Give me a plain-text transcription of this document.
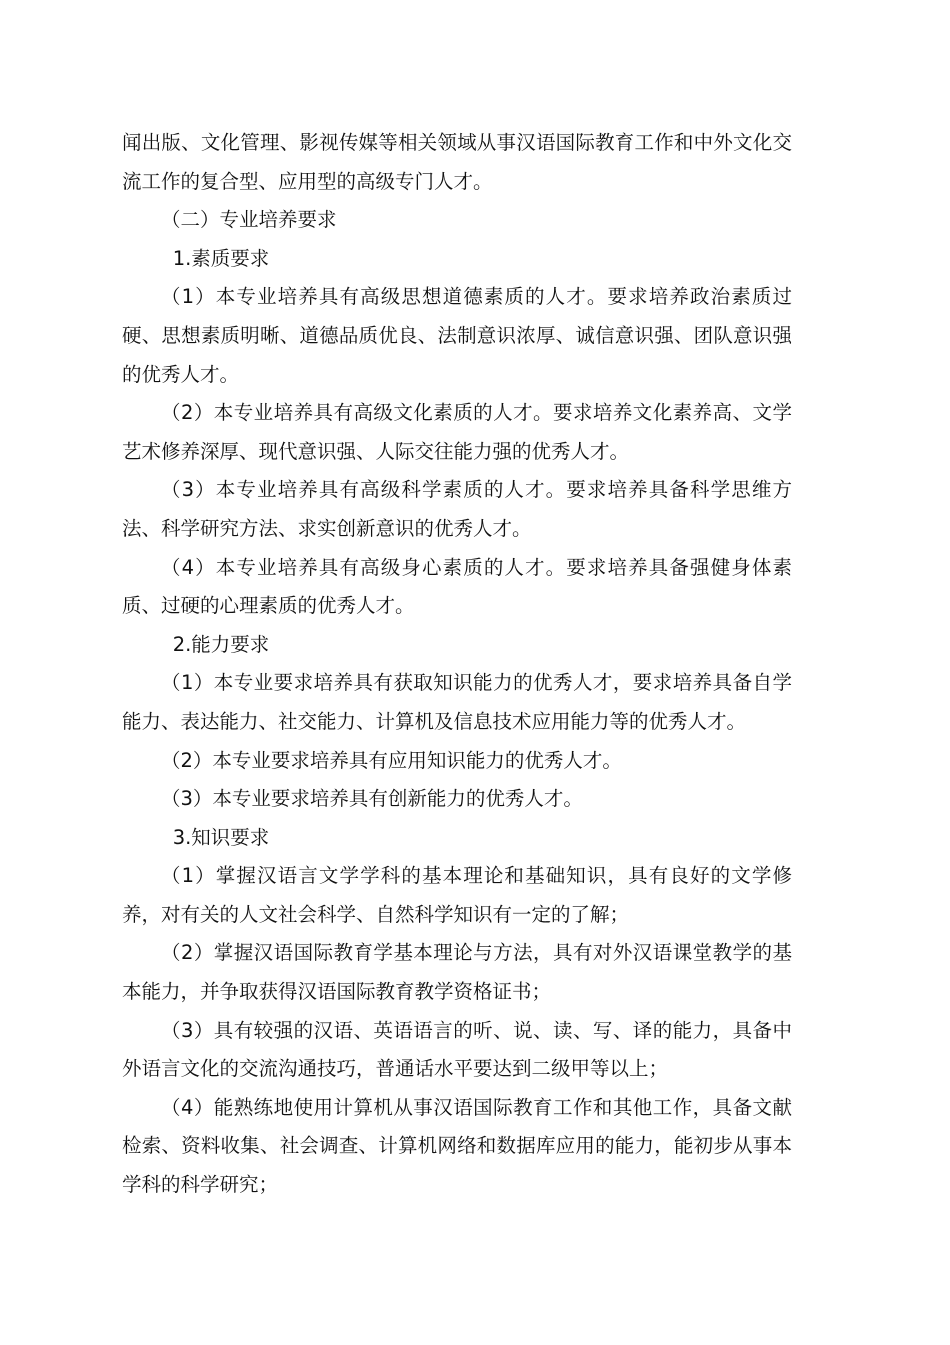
闻出版、文化管理、影视传媒等相关领域从事汉语国际教育工作和中外文化交流工作的复合型、应用型的高级专门人才。

（二）专业培养要求

1.素质要求

（1）本专业培养具有高级思想道德素质的人才。要求培养政治素质过硬、思想素质明晰、道德品质优良、法制意识浓厚、诚信意识强、团队意识强的优秀人才。

（2）本专业培养具有高级文化素质的人才。要求培养文化素养高、文学艺术修养深厚、现代意识强、人际交往能力强的优秀人才。

（3）本专业培养具有高级科学素质的人才。要求培养具备科学思维方法、科学研究方法、求实创新意识的优秀人才。

（4）本专业培养具有高级身心素质的人才。要求培养具备强健身体素质、过硬的心理素质的优秀人才。

2.能力要求

（1）本专业要求培养具有获取知识能力的优秀人才，要求培养具备自学能力、表达能力、社交能力、计算机及信息技术应用能力等的优秀人才。

（2）本专业要求培养具有应用知识能力的优秀人才。

（3）本专业要求培养具有创新能力的优秀人才。

3.知识要求

（1）掌握汉语言文学学科的基本理论和基础知识，具有良好的文学修养，对有关的人文社会科学、自然科学知识有一定的了解；

（2）掌握汉语国际教育学基本理论与方法，具有对外汉语课堂教学的基本能力，并争取获得汉语国际教育教学资格证书；

（3）具有较强的汉语、英语语言的听、说、读、写、译的能力，具备中外语言文化的交流沟通技巧，普通话水平要达到二级甲等以上；

（4）能熟练地使用计算机从事汉语国际教育工作和其他工作，具备文献检索、资料收集、社会调查、计算机网络和数据库应用的能力，能初步从事本学科的科学研究；
